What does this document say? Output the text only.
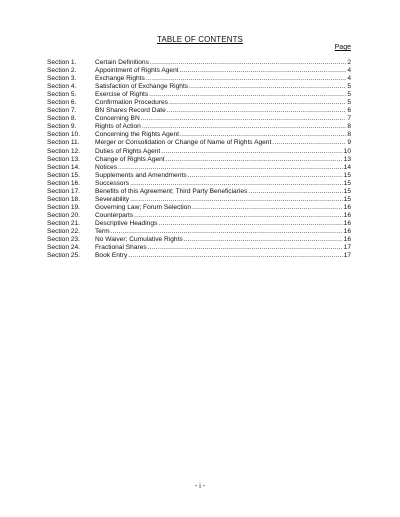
TABLE OF CONTENTS
Page
Section 1.	Certain Definitions .....	2
Section 2.	Appointment of Rights Agent .....	4
Section 3.	Exchange Rights .....	4
Section 4.	Satisfaction of Exchange Rights .....	5
Section 5.	Exercise of Rights .....	5
Section 6.	Confirmation Procedures .....	5
Section 7.	BN Shares Record Date .....	6
Section 8.	Concerning BN .....	7
Section 9.	Rights of Action .....	8
Section 10.	Concerning the Rights Agent .....	8
Section 11.	Merger or Consolidation or Change of Name of Rights Agent .....	9
Section 12.	Duties of Rights Agent .....	10
Section 13.	Change of Rights Agent .....	13
Section 14.	Notices .....	14
Section 15.	Supplements and Amendments .....	15
Section 16.	Successors .....	15
Section 17.	Benefits of this Agreement; Third Party Beneficiaries .....	15
Section 18.	Severability .....	15
Section 19.	Governing Law; Forum Selection .....	16
Section 20.	Counterparts .....	16
Section 21.	Descriptive Headings .....	16
Section 22.	Term .....	16
Section 23.	No Waiver; Cumulative Rights .....	16
Section 24.	Fractional Shares .....	17
Section 25.	Book Entry .....	17
- i -
